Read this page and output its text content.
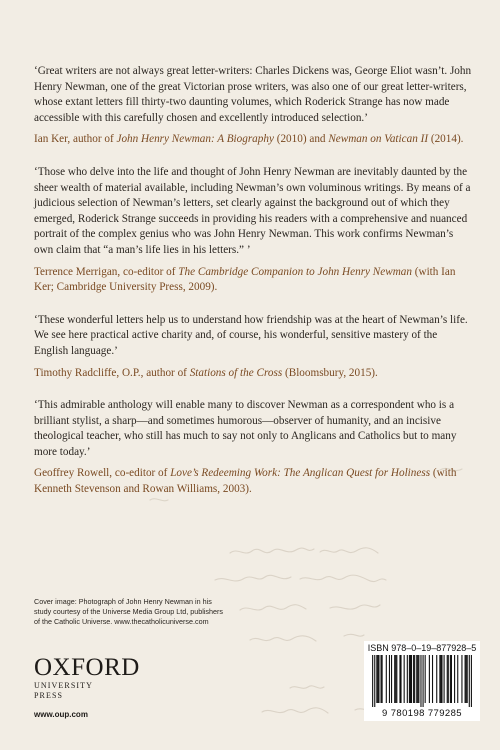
‘Great writers are not always great letter-writers: Charles Dickens was, George Eliot wasn’t. John Henry Newman, one of the great Victorian prose writers, was also one of our great letter-writers, whose extant letters fill thirty-two daunting volumes, which Roderick Strange has now made accessible with this carefully chosen and excellently introduced selection.’

Ian Ker, author of John Henry Newman: A Biography (2010) and Newman on Vatican II (2014).

‘Those who delve into the life and thought of John Henry Newman are inevitably daunted by the sheer wealth of material available, including Newman’s own voluminous writings. By means of a judicious selection of Newman’s letters, set clearly against the background out of which they emerged, Roderick Strange succeeds in providing his readers with a comprehensive and nuanced portrait of the complex genius who was John Henry Newman. This work confirms Newman’s own claim that “a man’s life lies in his letters.” ’

Terrence Merrigan, co-editor of The Cambridge Companion to John Henry Newman (with Ian Ker; Cambridge University Press, 2009).

‘These wonderful letters help us to understand how friendship was at the heart of Newman’s life. We see here practical active charity and, of course, his wonderful, sensitive mastery of the English language.’

Timothy Radcliffe, O.P., author of Stations of the Cross (Bloomsbury, 2015).

‘This admirable anthology will enable many to discover Newman as a correspondent who is a brilliant stylist, a sharp—and sometimes humorous—observer of humanity, and an incisive theological teacher, who still has much to say not only to Anglicans and Catholics but to many more today.’

Geoffrey Rowell, co-editor of Love’s Redeeming Work: The Anglican Quest for Holiness (with Kenneth Stevenson and Rowan Williams, 2003).

Cover image: Photograph of John Henry Newman in his study courtesy of the Universe Media Group Ltd, publishers of the Catholic Universe. www.thecatholicuniverse.com
OXFORD
UNIVERSITY PRESS
www.oup.com
ISBN 978–0–19–877928–5
9 780198 779285
